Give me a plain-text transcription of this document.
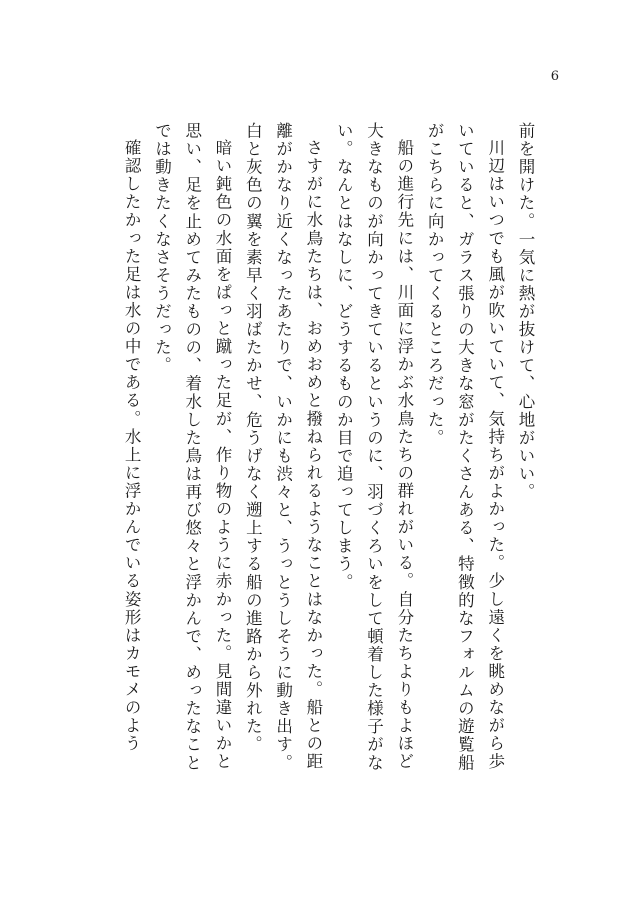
6

前を開けた。一気に熱が抜けて、心地がいい。

川辺はいつでも風が吹いていて、気持ちがよかった。少し遠くを眺めながら歩いていると、ガラス張りの大きな窓がたくさんある、特徴的なフォルムの遊覧船がこちらに向かってくるところだった。

船の進行先には、川面に浮かぶ水鳥たちの群れがいる。自分たちよりもよほど大きなものが向かってきているというのに、羽づくろいをして頓着した様子がない。なんとはなしに、どうするものか目で追ってしまう。

さすがに水鳥たちは、おめおめと撥ねられるようなことはなかった。船との距離がかなり近くなったあたりで、いかにも渋々と、うっとうしそうに動き出す。白と灰色の翼を素早く羽ばたかせ、危うげなく遡上する船の進路から外れた。

暗い鈍色の水面をぱっと蹴った足が、作り物のように赤かった。見間違いかと思い、足を止めてみたものの、着水した鳥は再び悠々と浮かんで、めったなことでは動きたくなさそうだった。

確認したかった足は水の中である。水上に浮かんでいる姿形はカモメのよう
